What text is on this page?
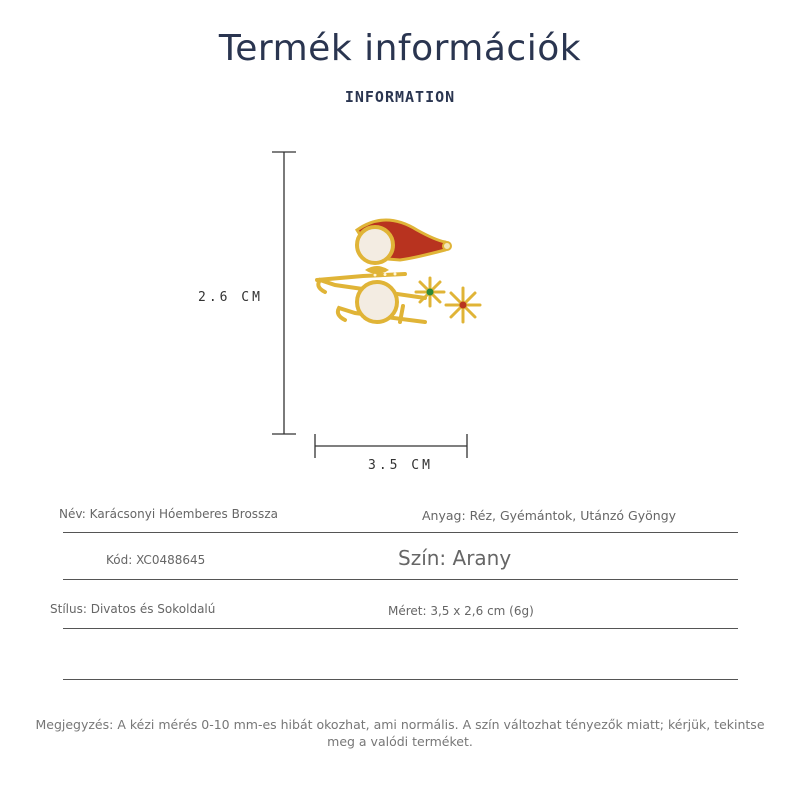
Termék információk
INFORMATION
2.6 CM
3.5 CM
Név: Karácsonyi Hóemberes Brossza	Anyag: Réz, Gyémántok, Utánzó Gyöngy
Kód: XC0488645	Szín: Arany
Stílus: Divatos és Sokoldalú	Méret: 3,5 x 2,6 cm (6g)
Megjegyzés: A kézi mérés 0-10 mm-es hibát okozhat, ami normális. A szín változhat tényezők miatt; kérjük, tekintse meg a valódi terméket.
